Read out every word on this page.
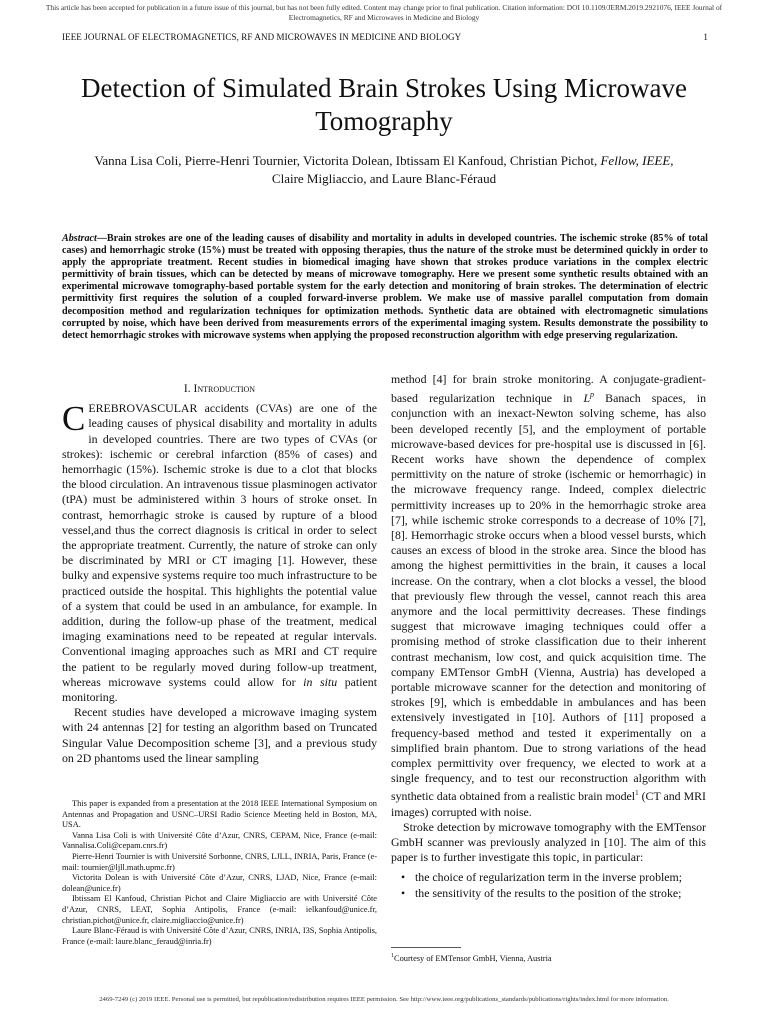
This article has been accepted for publication in a future issue of this journal, but has not been fully edited. Content may change prior to final publication. Citation information: DOI 10.1109/JERM.2019.2921076, IEEE Journal of Electromagnetics, RF and Microwaves in Medicine and Biology
IEEE JOURNAL OF ELECTROMAGNETICS, RF AND MICROWAVES IN MEDICINE AND BIOLOGY	1
Detection of Simulated Brain Strokes Using Microwave Tomography
Vanna Lisa Coli, Pierre-Henri Tournier, Victorita Dolean, Ibtissam El Kanfoud, Christian Pichot, Fellow, IEEE,
Claire Migliaccio, and Laure Blanc-Féraud
Abstract—Brain strokes are one of the leading causes of disability and mortality in adults in developed countries. The ischemic stroke (85% of total cases) and hemorrhagic stroke (15%) must be treated with opposing therapies, thus the nature of the stroke must be determined quickly in order to apply the appropriate treatment. Recent studies in biomedical imaging have shown that strokes produce variations in the complex electric permittivity of brain tissues, which can be detected by means of microwave tomography. Here we present some synthetic results obtained with an experimental microwave tomography-based portable system for the early detection and monitoring of brain strokes. The determination of electric permittivity first requires the solution of a coupled forward-inverse problem. We make use of massive parallel computation from domain decomposition method and regularization techniques for optimization methods. Synthetic data are obtained with electromagnetic simulations corrupted by noise, which have been derived from measurements errors of the experimental imaging system. Results demonstrate the possibility to detect hemorrhagic strokes with microwave systems when applying the proposed reconstruction algorithm with edge preserving regularization.
I. Introduction

CEREBROVASCULAR accidents (CVAs) are one of the leading causes of physical disability and mortality in adults in developed countries. There are two types of CVAs (or strokes): ischemic or cerebral infarction (85% of cases) and hemorrhagic (15%). Ischemic stroke is due to a clot that blocks the blood circulation. An intravenous tissue plasminogen activator (tPA) must be administered within 3 hours of stroke onset. In contrast, hemorrhagic stroke is caused by rupture of a blood vessel,and thus the correct diagnosis is critical in order to select the appropriate treatment. Currently, the nature of stroke can only be discriminated by MRI or CT imaging [1]. However, these bulky and expensive systems require too much infrastructure to be practiced outside the hospital. This highlights the potential value of a system that could be used in an ambulance, for example. In addition, during the follow-up phase of the treatment, medical imaging examinations need to be repeated at regular intervals. Conventional imaging approaches such as MRI and CT require the patient to be regularly moved during follow-up treatment, whereas microwave systems could allow for in situ patient monitoring.

Recent studies have developed a microwave imaging system with 24 antennas [2] for testing an algorithm based on Truncated Singular Value Decomposition scheme [3], and a previous study on 2D phantoms used the linear sampling

This paper is expanded from a presentation at the 2018 IEEE International Symposium on Antennas and Propagation and USNC–URSI Radio Science Meeting held in Boston, MA, USA.

Vanna Lisa Coli is with Université Côte d’Azur, CNRS, CEPAM, Nice, France (e-mail: Vannalisa.Coli@cepam.cnrs.fr)

Pierre-Henri Tournier is with Université Sorbonne, CNRS, LJLL, INRIA, Paris, France (e-mail: tournier@ljll.math.upmc.fr)

Victorita Dolean is with Université Côte d’Azur, CNRS, LJAD, Nice, France (e-mail: dolean@unice.fr)

Ibtissam El Kanfoud, Christian Pichot and Claire Migliaccio are with Université Côte d’Azur, CNRS, LEAT, Sophia Antipolis, France (e-mail: ielkanfoud@unice.fr, christian.pichot@unice.fr, claire.migliaccio@unice.fr)

Laure Blanc-Féraud is with Université Côte d’Azur, CNRS, INRIA, I3S, Sophia Antipolis, France (e-mail: laure.blanc_feraud@inria.fr)

method [4] for brain stroke monitoring. A conjugate-gradient-based regularization technique in $L^p$ Banach spaces, in conjunction with an inexact-Newton solving scheme, has also been developed recently [5], and the employment of portable microwave-based devices for pre-hospital use is discussed in [6]. Recent works have shown the dependence of complex permittivity on the nature of stroke (ischemic or hemorrhagic) in the microwave frequency range. Indeed, complex dielectric permittivity increases up to 20% in the hemorrhagic stroke area [7], while ischemic stroke corresponds to a decrease of 10% [7], [8]. Hemorrhagic stroke occurs when a blood vessel bursts, which causes an excess of blood in the stroke area. Since the blood has among the highest permittivities in the brain, it causes a local increase. On the contrary, when a clot blocks a vessel, the blood that previously flew through the vessel, cannot reach this area anymore and the local permittivity decreases. These findings suggest that microwave imaging techniques could offer a promising method of stroke classification due to their inherent contrast mechanism, low cost, and quick acquisition time. The company EMTensor GmbH (Vienna, Austria) has developed a portable microwave scanner for the detection and monitoring of strokes [9], which is embeddable in ambulances and has been extensively investigated in [10]. Authors of [11] proposed a frequency-based method and tested it experimentally on a simplified brain phantom. Due to strong variations of the head complex permittivity over frequency, we elected to work at a single frequency, and to test our reconstruction algorithm with synthetic data obtained from a realistic brain model$^1$ (CT and MRI images) corrupted with noise.

Stroke detection by microwave tomography with the EMTensor GmbH scanner was previously analyzed in [10]. The aim of this paper is to further investigate this topic, in particular:

• the choice of regularization term in the inverse problem;
• the sensitivity of the results to the position of the stroke;
$^1$Courtesy of EMTensor GmbH, Vienna, Austria
2469-7249 (c) 2019 IEEE. Personal use is permitted, but republication/redistribution requires IEEE permission. See http://www.ieee.org/publications_standards/publications/rights/index.html for more information.
